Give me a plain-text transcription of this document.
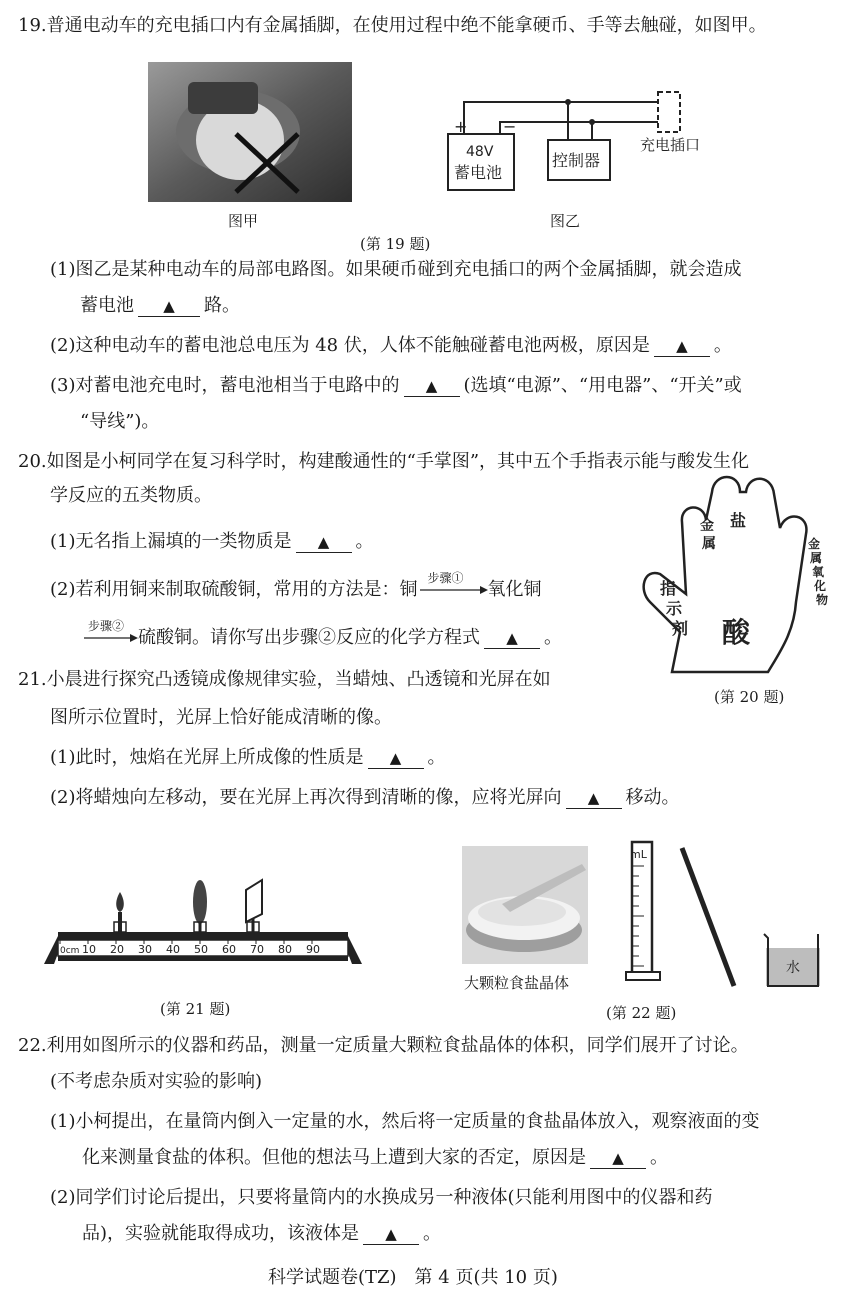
19.普通电动车的充电插口内有金属插脚，在使用过程中绝不能拿硬币、手等去触碰，如图甲。
图甲
+ −
48V
蓄电池
控制器
充电插口
图乙
(第 19 题)
(1)图乙是某种电动车的局部电路图。如果硬币碰到充电插口的两个金属插脚，就会造成
蓄电池 ▲ 路。
(2)这种电动车的蓄电池总电压为 48 伏，人体不能触碰蓄电池两极，原因是 ▲ 。
(3)对蓄电池充电时，蓄电池相当于电路中的 ▲ (选填“电源”、“用电器”、“开关”或
“导线”)。
20.如图是小柯同学在复习科学时，构建酸通性的“手掌图”，其中五个手指表示能与酸发生化
学反应的五类物质。
(1)无名指上漏填的一类物质是 ▲ 。
(2)若利用铜来制取硫酸铜，常用的方法是：铜
步骤①
氧化铜
步骤②
硫酸铜。请你写出步骤②反应的化学方程式 ▲ 。
指示剂
金属
盐
金属氧化物
酸
(第 20 题)
21.小晨进行探究凸透镜成像规律实验，当蜡烛、凸透镜和光屏在如
图所示位置时，光屏上恰好能成清晰的像。
(1)此时，烛焰在光屏上所成像的性质是 ▲ 。
(2)将蜡烛向左移动，要在光屏上再次得到清晰的像，应将光屏向 ▲ 移动。
0cm 10 20 30 40 50 60 70 80 90
(第 21 题)
大颗粒食盐晶体
mL
水
(第 22 题)
22.利用如图所示的仪器和药品，测量一定质量大颗粒食盐晶体的体积，同学们展开了讨论。
(不考虑杂质对实验的影响)
(1)小柯提出，在量筒内倒入一定量的水，然后将一定质量的食盐晶体放入，观察液面的变
化来测量食盐的体积。但他的想法马上遭到大家的否定，原因是 ▲ 。
(2)同学们讨论后提出，只要将量筒内的水换成另一种液体(只能利用图中的仪器和药
品)，实验就能取得成功，该液体是 ▲ 。
科学试题卷(TZ)　第 4 页(共 10 页)
